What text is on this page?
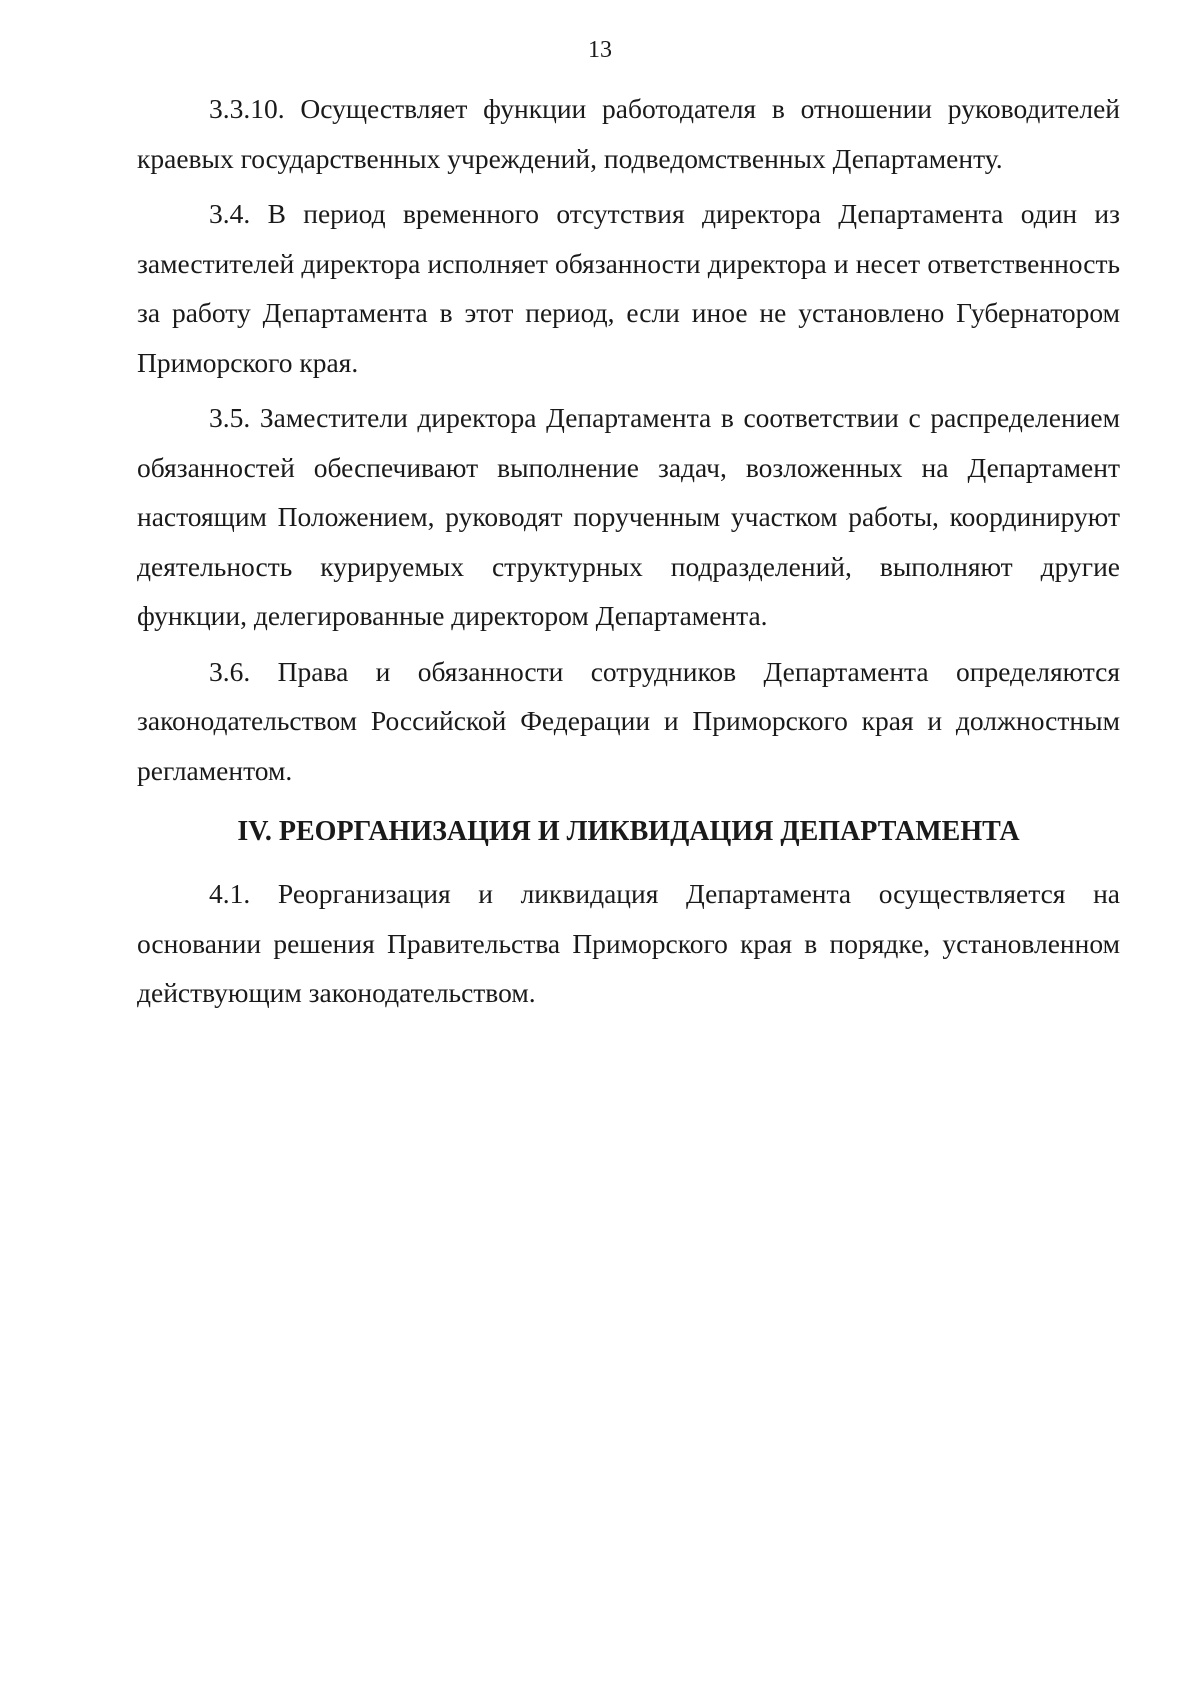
13

3.3.10. Осуществляет функции работодателя в отношении руководителей краевых государственных учреждений, подведомственных Департаменту.

3.4. В период временного отсутствия директора Департамента один из заместителей директора исполняет обязанности директора и несет ответственность за работу Департамента в этот период, если иное не установлено Губернатором Приморского края.

3.5. Заместители директора Департамента в соответствии с распределением обязанностей обеспечивают выполнение задач, возложенных на Департамент настоящим Положением, руководят порученным участком работы, координируют деятельность курируемых структурных подразделений, выполняют другие функции, делегированные директором Департамента.

3.6. Права и обязанности сотрудников Департамента определяются законодательством Российской Федерации и Приморского края и должностным регламентом.

IV. РЕОРГАНИЗАЦИЯ И ЛИКВИДАЦИЯ ДЕПАРТАМЕНТА

4.1. Реорганизация и ликвидация Департамента осуществляется на основании решения Правительства Приморского края в порядке, установленном действующим законодательством.
